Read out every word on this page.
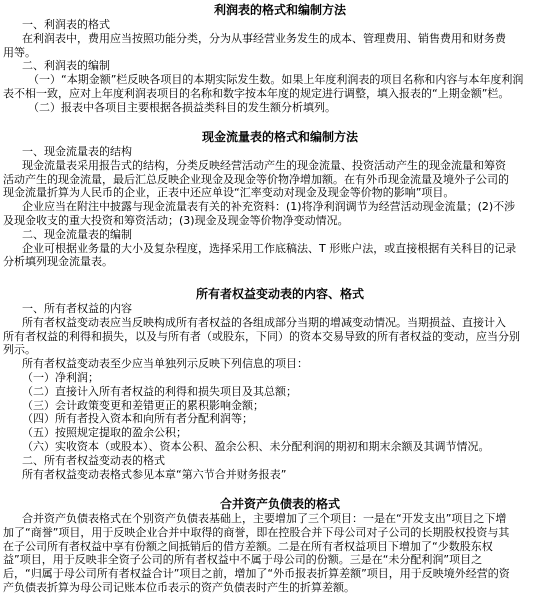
利润表的格式和编制方法

一、利润表的格式

在利润表中，费用应当按照功能分类，分为从事经营业务发生的成本、管理费用、销售费用和财务费

用等。

二、利润表的编制

（一）“本期金额”栏反映各项目的本期实际发生数。如果上年度利润表的项目名称和内容与本年度利润

表不相一致，应对上年度利润表项目的名称和数字按本年度的规定进行调整，填入报表的“上期金额”栏。

（二）报表中各项目主要根据各损益类科目的发生额分析填列。

现金流量表的格式和编制方法

一、现金流量表的结构

现金流量表采用报告式的结构，分类反映经营活动产生的现金流量、投资活动产生的现金流量和筹资

活动产生的现金流量，最后汇总反映企业现金及现金等价物净增加额。在有外币现金流量及境外子公司的

现金流量折算为人民币的企业，正表中还应单设“汇率变动对现金及现金等价物的影响”项目。

企业应当在附注中披露与现金流量表有关的补充资料：(1)将净利润调节为经营活动现金流量；(2)不涉

及现金收支的重大投资和筹资活动；(3)现金及现金等价物净变动情况。

二、现金流量表的编制

企业可根据业务量的大小及复杂程度，选择采用工作底稿法、T 形账户法，或直接根据有关科目的记录

分析填列现金流量表。

所有者权益变动表的内容、格式

一、所有者权益的内容

所有者权益变动表应当反映构成所有者权益的各组成部分当期的增减变动情况。当期损益、直接计入

所有者权益的利得和损失，以及与所有者（或股东，下同）的资本交易导致的所有者权益的变动，应当分别

列示。

所有者权益变动表至少应当单独列示反映下列信息的项目：

（一）净利润；

（二）直接计入所有者权益的利得和损失项目及其总额；

（三）会计政策变更和差错更正的累积影响金额；

（四）所有者投入资本和向所有者分配利润等；

（五）按照规定提取的盈余公积；

（六）实收资本（或股本）、资本公积、盈余公积、未分配利润的期初和期末余额及其调节情况。

二、所有者权益变动表的格式

所有者权益变动表格式参见本章“第六节合并财务报表”

合并资产负债表的格式

合并资产负债表格式在个别资产负债表基础上，主要增加了三个项目：一是在“开发支出”项目之下增

加了“商誉”项目，用于反映企业合并中取得的商誉，即在控股合并下母公司对子公司的长期股权投资与其

在子公司所有者权益中享有份额之间抵销后的借方差额。二是在所有者权益项目下增加了“少数股东权

益”项目，用于反映非全资子公司的所有者权益中不属于母公司的份额。三是在“未分配利润”项目之

后，“归属于母公司所有者权益合计”项目之前，增加了“外币报表折算差额”项目，用于反映境外经营的资

产负债表折算为母公司记账本位币表示的资产负债表时产生的折算差额。
